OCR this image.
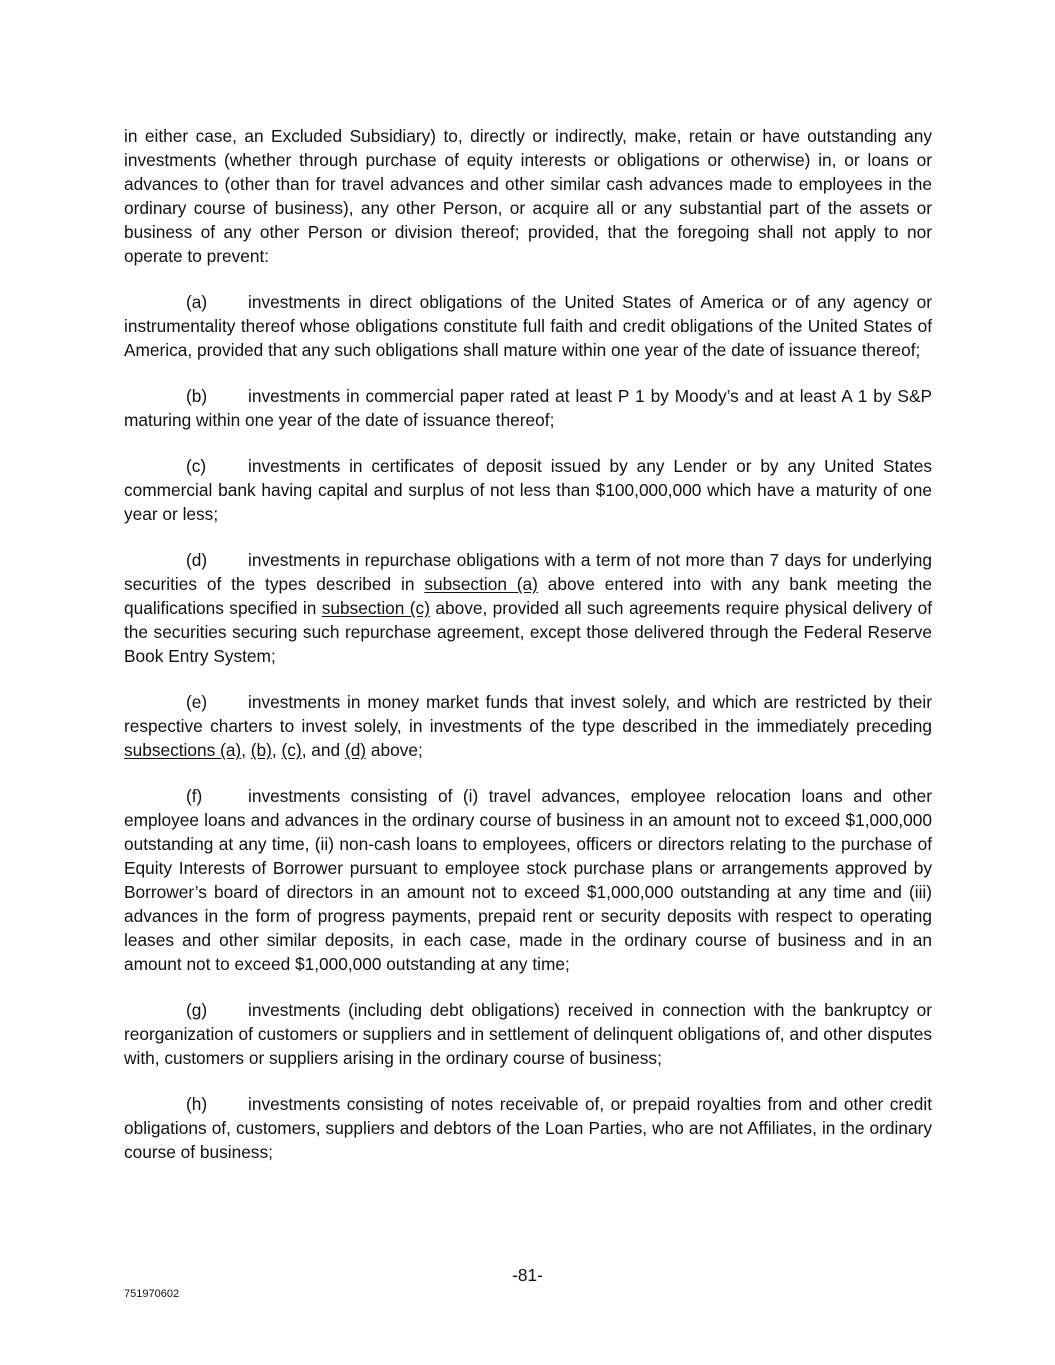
in either case, an Excluded Subsidiary) to, directly or indirectly, make, retain or have outstanding any investments (whether through purchase of equity interests or obligations or otherwise) in, or loans or advances to (other than for travel advances and other similar cash advances made to employees in the ordinary course of business), any other Person, or acquire all or any substantial part of the assets or business of any other Person or division thereof; provided, that the foregoing shall not apply to nor operate to prevent:

(a) investments in direct obligations of the United States of America or of any agency or instrumentality thereof whose obligations constitute full faith and credit obligations of the United States of America, provided that any such obligations shall mature within one year of the date of issuance thereof;

(b) investments in commercial paper rated at least P 1 by Moody’s and at least A 1 by S&P maturing within one year of the date of issuance thereof;

(c) investments in certificates of deposit issued by any Lender or by any United States commercial bank having capital and surplus of not less than $100,000,000 which have a maturity of one year or less;

(d) investments in repurchase obligations with a term of not more than 7 days for underlying securities of the types described in subsection (a) above entered into with any bank meeting the qualifications specified in subsection (c) above, provided all such agreements require physical delivery of the securities securing such repurchase agreement, except those delivered through the Federal Reserve Book Entry System;

(e) investments in money market funds that invest solely, and which are restricted by their respective charters to invest solely, in investments of the type described in the immediately preceding subsections (a), (b), (c), and (d) above;

(f)	investments consisting of (i) travel advances, employee relocation loans and other employee loans and advances in the ordinary course of business in an amount not to exceed $1,000,000 outstanding at any time, (ii) non-cash loans to employees, officers or directors relating to the purchase of Equity Interests of Borrower pursuant to employee stock purchase plans or arrangements approved by Borrower’s board of directors in an amount not to exceed $1,000,000 outstanding at any time and (iii) advances in the form of progress payments, prepaid rent or security deposits with respect to operating leases and other similar deposits, in each case, made in the ordinary course of business and in an amount not to exceed $1,000,000 outstanding at any time;

(g) investments (including debt obligations) received in connection with the bankruptcy or reorganization of customers or suppliers and in settlement of delinquent obligations of, and other disputes with, customers or suppliers arising in the ordinary course of business;

(h) investments consisting of notes receivable of, or prepaid royalties from and other credit obligations of, customers, suppliers and debtors of the Loan Parties, who are not Affiliates, in the ordinary course of business;

-81-
751970602
